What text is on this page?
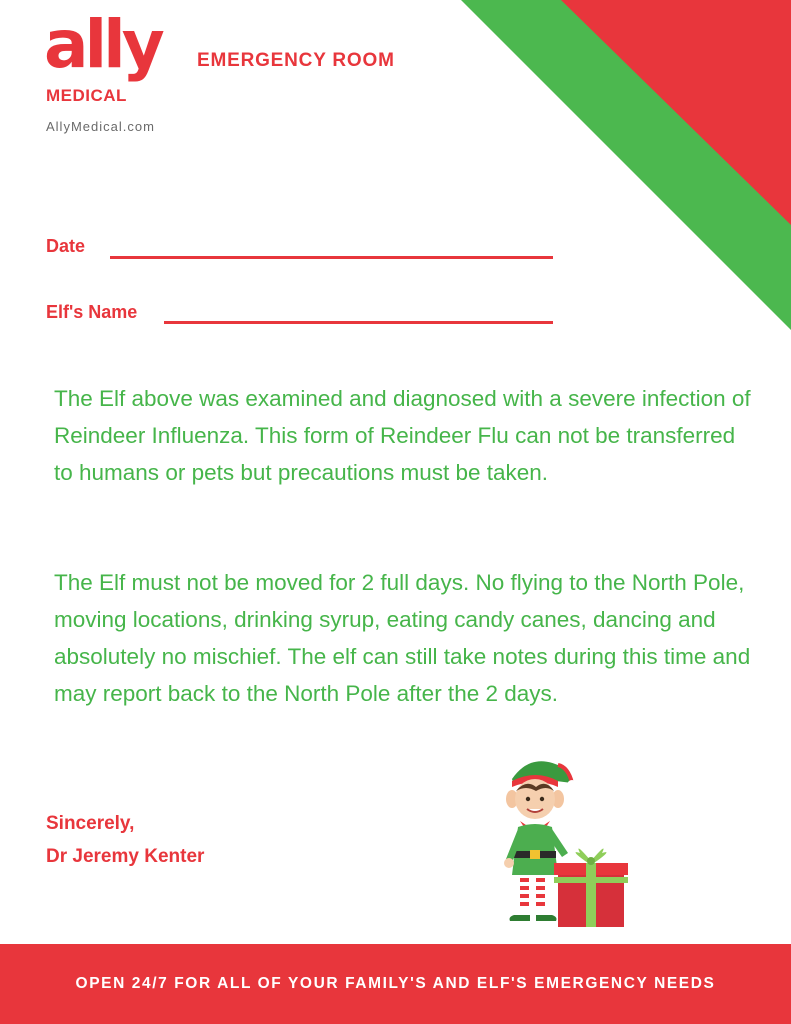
ally
MEDICAL
EMERGENCY ROOM
AllyMedical.com
Date
Elf's Name

The Elf above was examined and diagnosed with a severe infection of Reindeer Influenza. This form of Reindeer Flu can not be transferred to humans or pets but precautions must be taken.

The Elf must not be moved for 2 full days. No flying to the North Pole, moving locations, drinking syrup, eating candy canes, dancing and absolutely no mischief. The elf can still take notes during this time and may report back to the North Pole after the 2 days.

Sincerely,
Dr Jeremy Kenter
OPEN 24/7 FOR ALL OF YOUR FAMILY'S AND ELF'S EMERGENCY NEEDS
